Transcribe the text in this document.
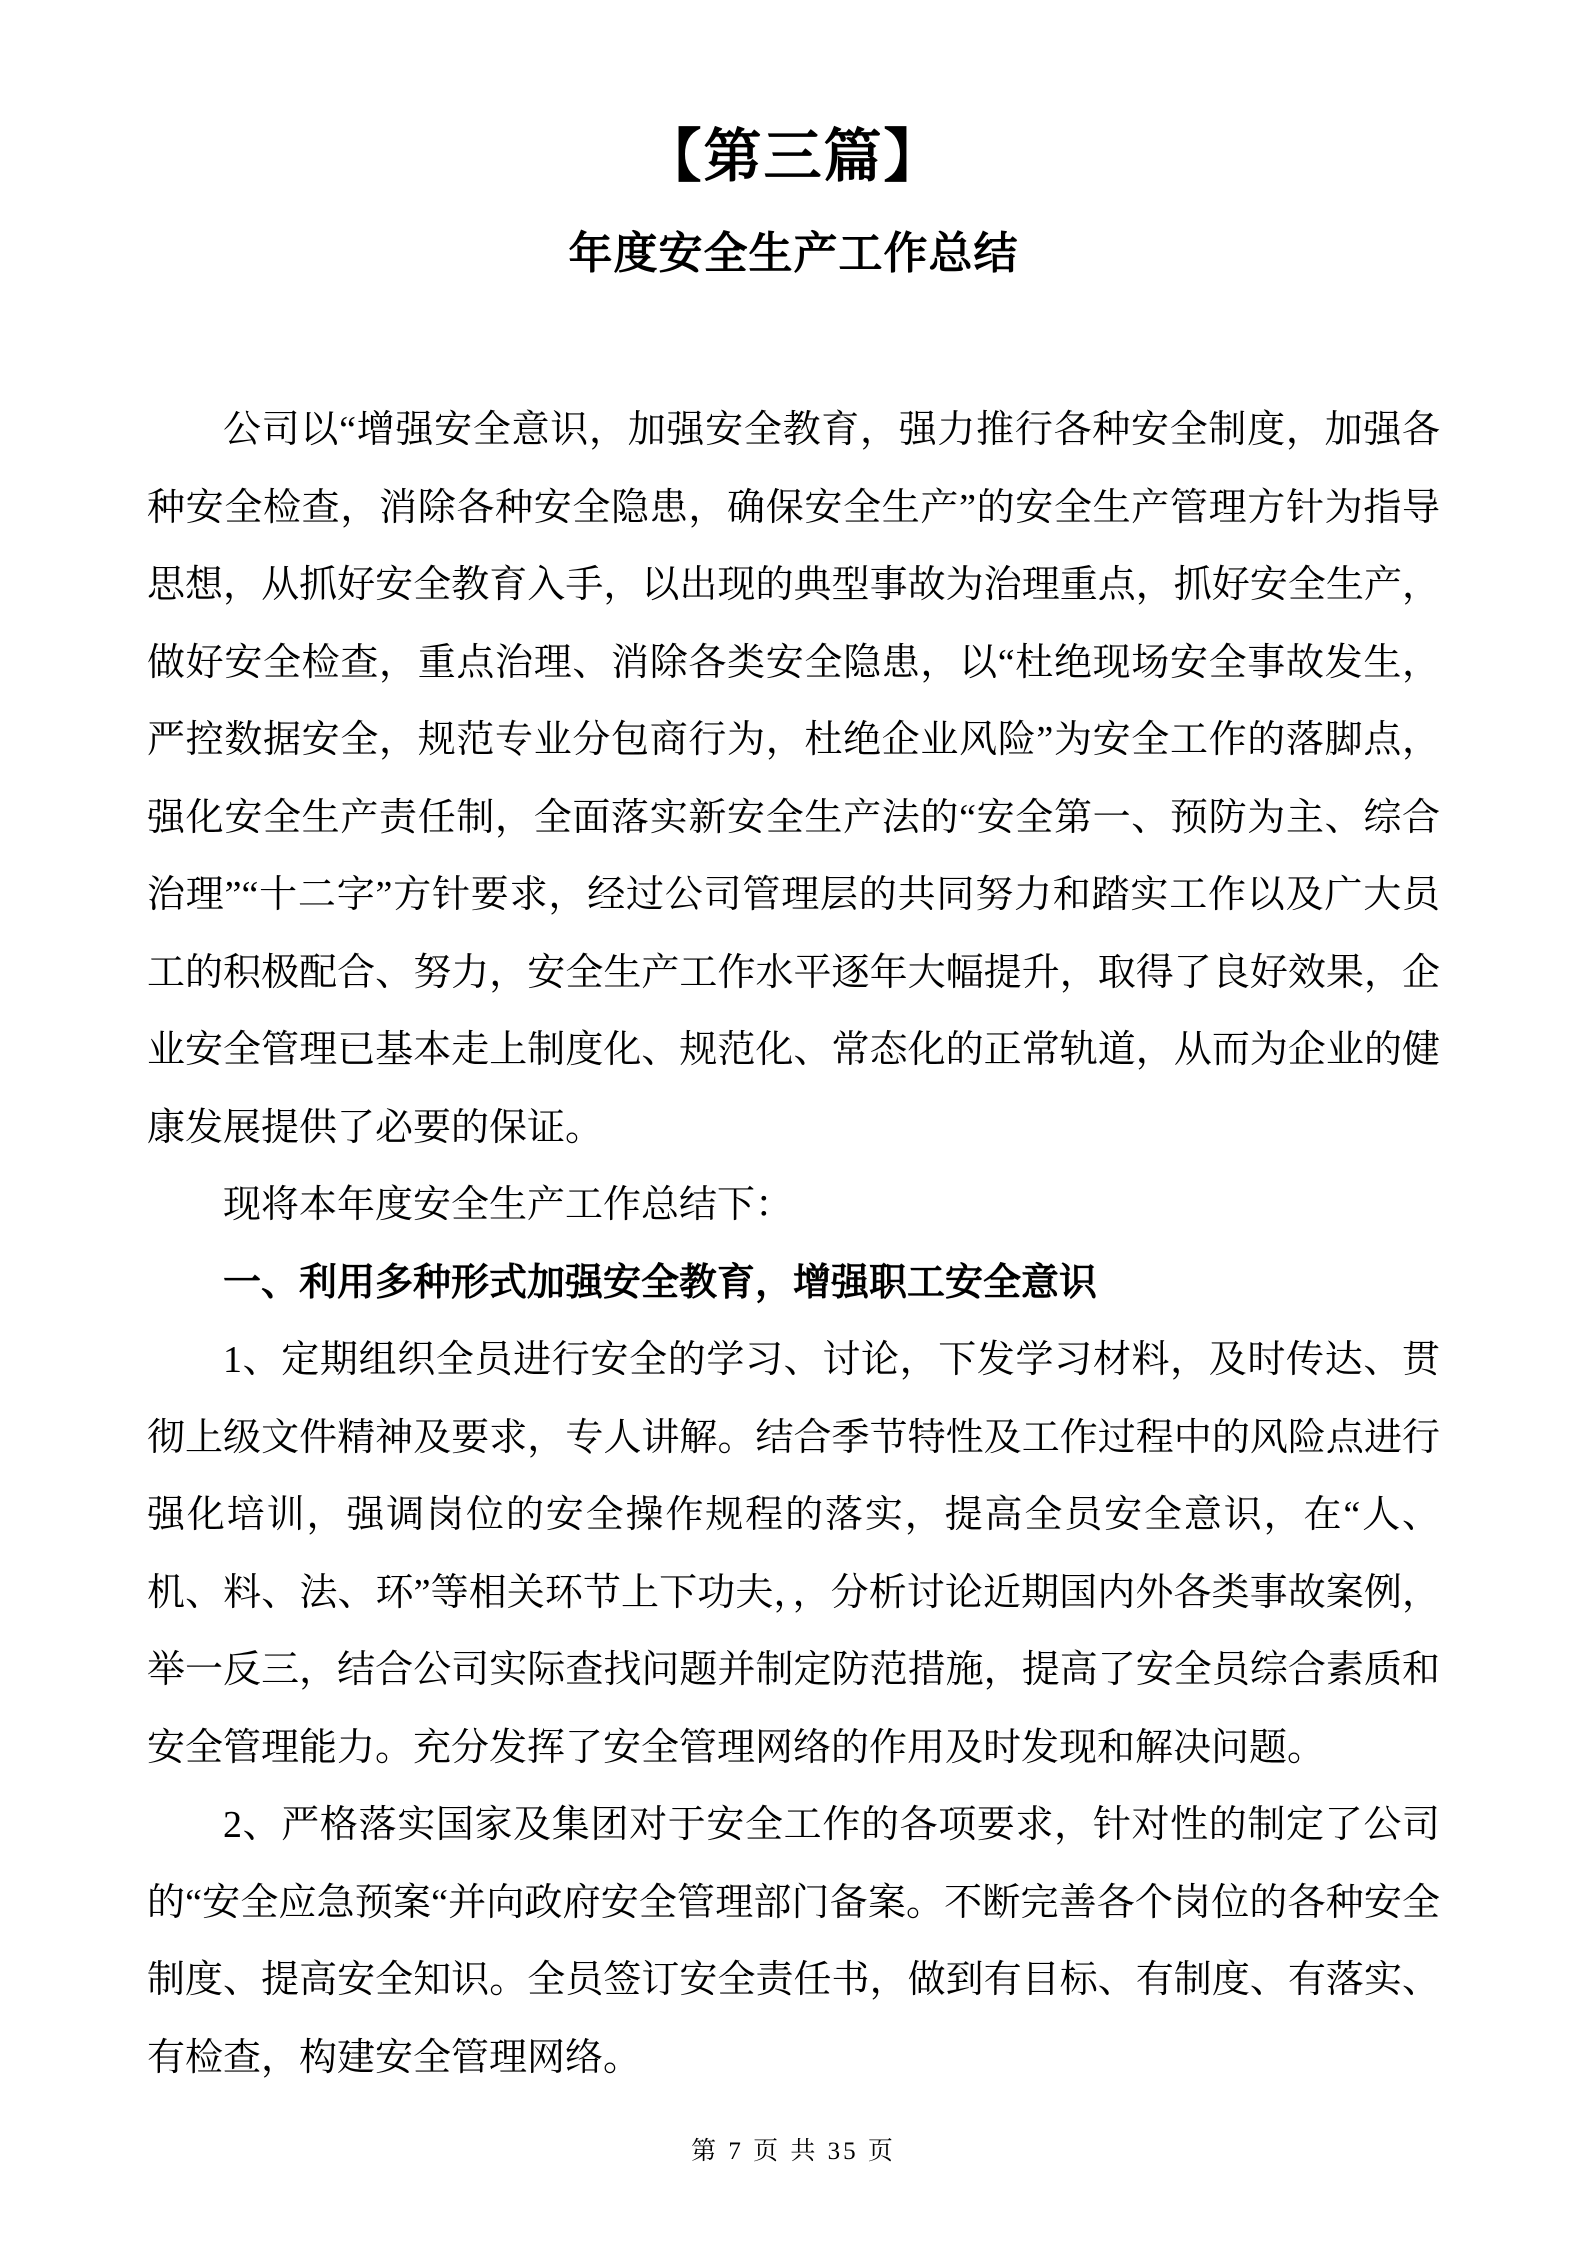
【第三篇】
年度安全生产工作总结

公司以“增强安全意识，加强安全教育，强力推行各种安全制度，加强各种安全检查，消除各种安全隐患，确保安全生产”的安全生产管理方针为指导思想，从抓好安全教育入手，以出现的典型事故为治理重点，抓好安全生产，做好安全检查，重点治理、消除各类安全隐患，以“杜绝现场安全事故发生，严控数据安全，规范专业分包商行为，杜绝企业风险”为安全工作的落脚点，强化安全生产责任制，全面落实新安全生产法的“安全第一、预防为主、综合治理”“十二字”方针要求，经过公司管理层的共同努力和踏实工作以及广大员工的积极配合、努力，安全生产工作水平逐年大幅提升，取得了良好效果，企业安全管理已基本走上制度化、规范化、常态化的正常轨道，从而为企业的健康发展提供了必要的保证。

现将本年度安全生产工作总结下：

一、利用多种形式加强安全教育，增强职工安全意识

1、定期组织全员进行安全的学习、讨论，下发学习材料，及时传达、贯彻上级文件精神及要求，专人讲解。结合季节特性及工作过程中的风险点进行强化培训，强调岗位的安全操作规程的落实，提高全员安全意识，在“人、机、料、法、环”等相关环节上下功夫，，分析讨论近期国内外各类事故案例，举一反三，结合公司实际查找问题并制定防范措施，提高了安全员综合素质和安全管理能力。充分发挥了安全管理网络的作用及时发现和解决问题。

2、严格落实国家及集团对于安全工作的各项要求，针对性的制定了公司的“安全应急预案“并向政府安全管理部门备案。不断完善各个岗位的各种安全制度、提高安全知识。全员签订安全责任书，做到有目标、有制度、有落实、有检查，构建安全管理网络。

第 7 页 共 35 页
